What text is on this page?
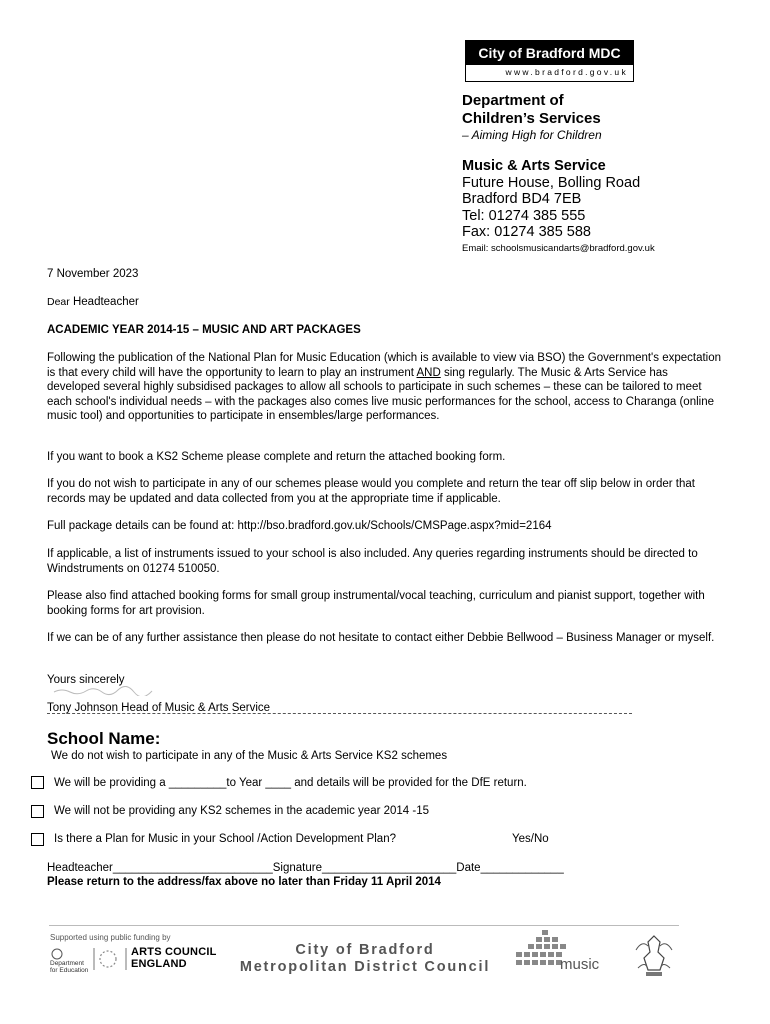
City of Bradford MDC
www.bradford.gov.uk
Department of
Children’s Services
– Aiming High for Children
Music & Arts Service
Future House, Bolling Road
Bradford BD4 7EB
Tel: 01274 385 555
Fax: 01274 385 588
Email: schoolsmusicandarts@bradford.gov.uk
7 November 2023
Dear Headteacher
ACADEMIC YEAR 2014-15 – MUSIC AND ART PACKAGES
Following the publication of the National Plan for Music Education (which is available to view via BSO) the Government's expectation is that every child will have the opportunity to learn to play an instrument AND sing regularly. The Music & Arts Service has developed several highly subsidised packages to allow all schools to participate in such schemes – these can be tailored to meet each school's individual needs – with the packages also comes live music performances for the school, access to Charanga (online music tool) and opportunities to participate in ensembles/large performances.
If you want to book a KS2 Scheme please complete and return the attached booking form.
If you do not wish to participate in any of our schemes please would you complete and return the tear off slip below in order that records may be updated and data collected from you at the appropriate time if applicable.
Full package details can be found at: http://bso.bradford.gov.uk/Schools/CMSPage.aspx?mid=2164
If applicable, a list of instruments issued to your school is also included. Any queries regarding instruments should be directed to Windstruments on 01274 510050.
Please also find attached booking forms for small group instrumental/vocal teaching, curriculum and pianist support, together with booking forms for art provision.
If we can be of any further assistance then please do not hesitate to contact either Debbie Bellwood – Business Manager or myself.
Yours sincerely
Tony Johnson Head of Music & Arts Service
School Name:
We do not wish to participate in any of the Music & Arts Service KS2 schemes
We will be providing a _________to Year ____ and details will be provided for the DfE return.
We will not be providing any KS2 schemes in the academic year 2014 -15
Is there a Plan for Music in your School /Action Development Plan?	Yes/No
Headteacher_________________________Signature_____________________Date_____________
Please return to the address/fax above no later than Friday 11 April 2014
Supported using public funding by
Department
for Education
ARTS COUNCIL
ENGLAND
City of Bradford
Metropolitan District Council	music
